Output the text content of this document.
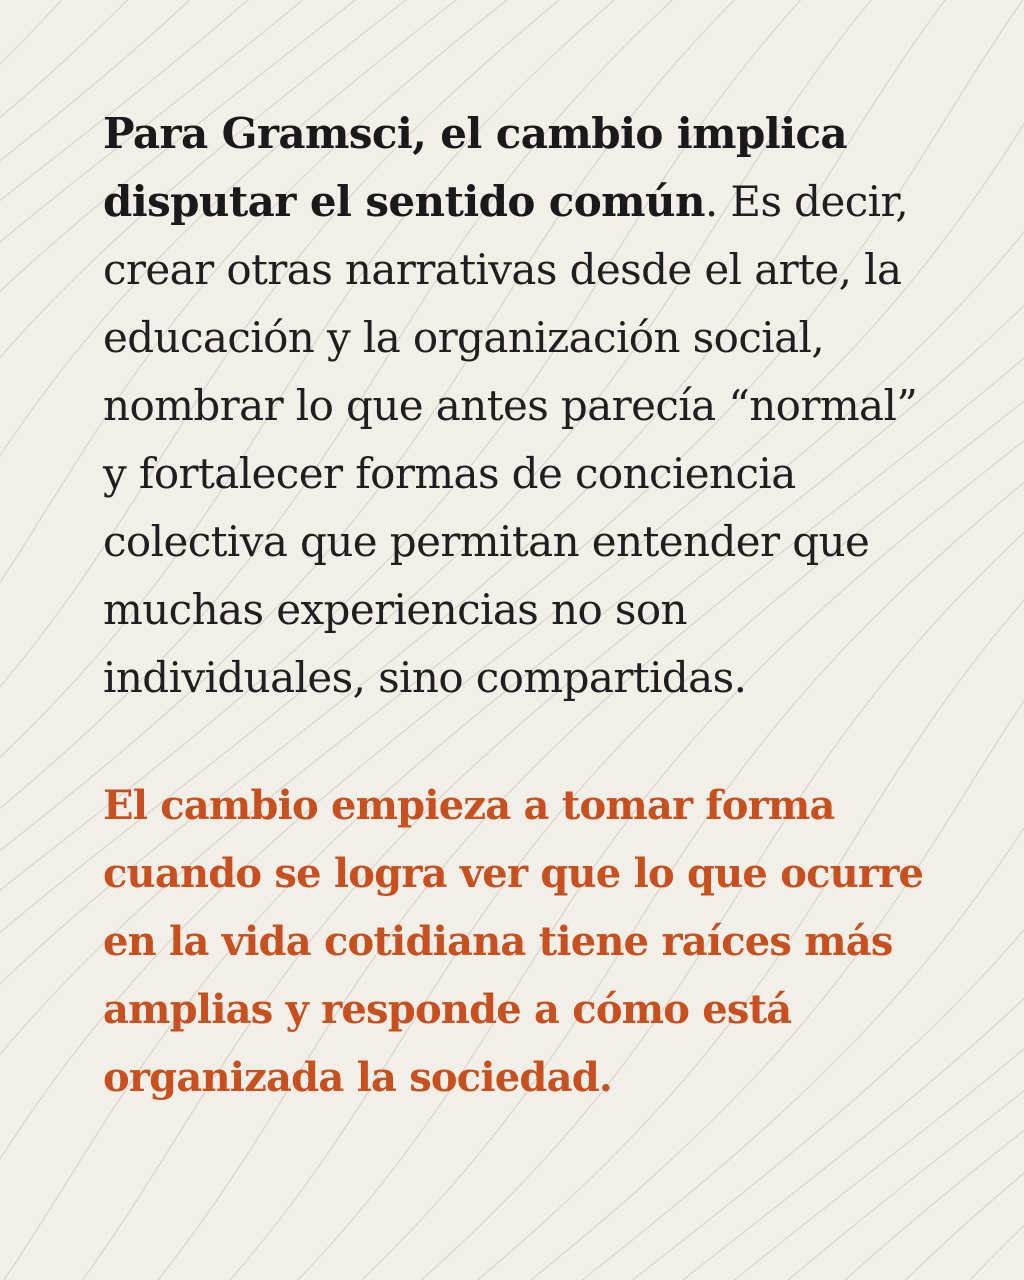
Para Gramsci, el cambio implica disputar el sentido común. Es decir, crear otras narrativas desde el arte, la educación y la organización social, nombrar lo que antes parecía “normal” y fortalecer formas de conciencia colectiva que permitan entender que muchas experiencias no son individuales, sino compartidas.

El cambio empieza a tomar forma cuando se logra ver que lo que ocurre en la vida cotidiana tiene raíces más amplias y responde a cómo está organizada la sociedad.
